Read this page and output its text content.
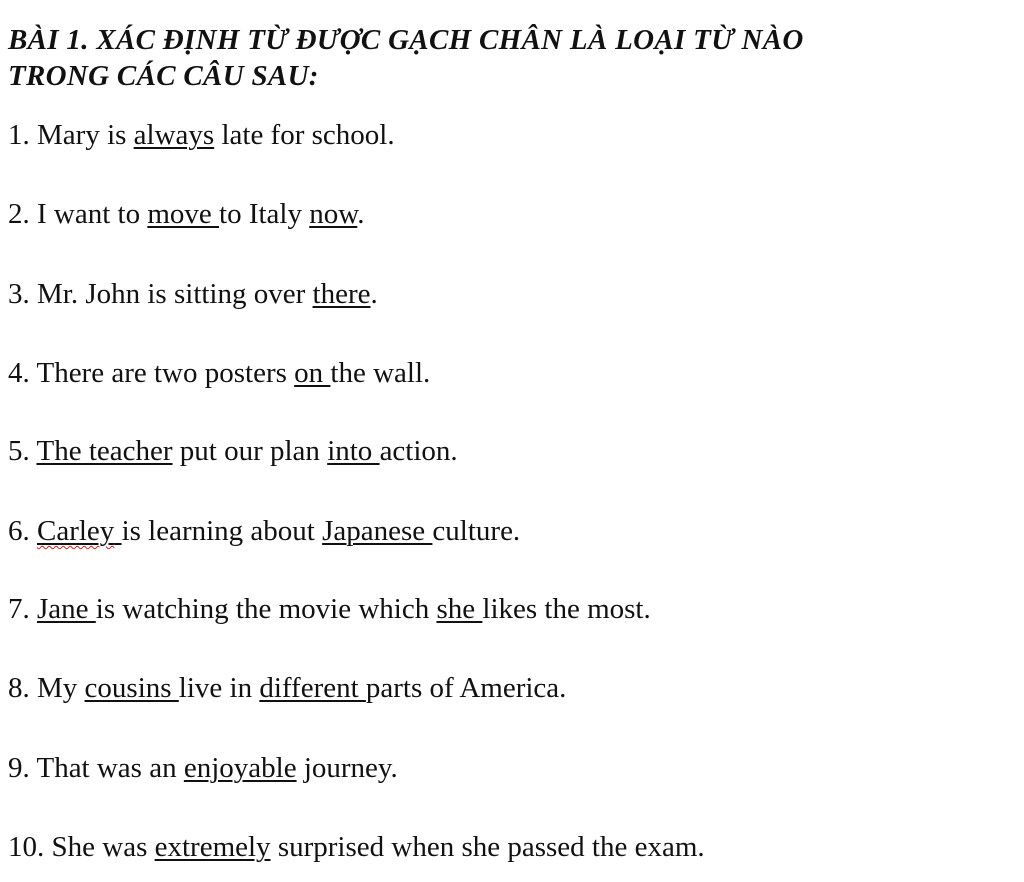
BÀI 1. XÁC ĐỊNH TỪ ĐƯỢC GẠCH CHÂN LÀ LOẠI TỪ NÀO
TRONG CÁC CÂU SAU:
1. Mary is always late for school.
2. I want to move to Italy now.
3. Mr. John is sitting over there.
4. There are two posters on the wall.
5. The teacher put our plan into action.
6. Carley is learning about Japanese culture.
7. Jane is watching the movie which she likes the most.
8. My cousins live in different parts of America.
9. That was an enjoyable journey.
10. She was extremely surprised when she passed the exam.
